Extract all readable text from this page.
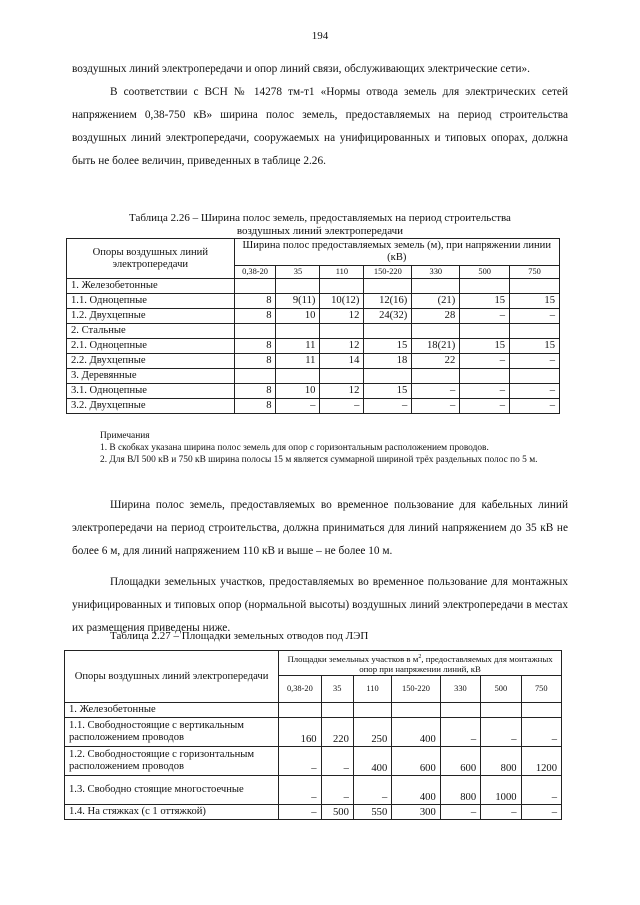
194

воздушных линий электропередачи и опор линий связи, обслуживающих электрические сети».

В соответствии с ВСН № 14278 тм-т1 «Нормы отвода земель для электрических сетей напряжением 0,38-750 кВ» ширина полос земель, предоставляемых на период строительства воздушных линий электропередачи, сооружаемых на унифицированных и типовых опорах, должна быть не более величин, приведенных в таблице 2.26.

Таблица 2.26 – Ширина полос земель, предоставляемых на период строительства
воздушных линий электропередачи
Опоры воздушных линий электропередачи	Ширина полос предоставляемых земель (м), при напряжении линии (кВ)						
	0,38-20	35	110	150-220	330	500	750
1. Железобетонные							
1.1. Одноцепные	8	9(11)	10(12)	12(16)	(21)	15	15
1.2. Двухцепные	8	10	12	24(32)	28	–	–
2. Стальные							
2.1. Одноцепные	8	11	12	15	18(21)	15	15
2.2. Двухцепные	8	11	14	18	22	–	–
3. Деревянные							
3.1. Одноцепные	8	10	12	15	–	–	–
3.2. Двухцепные	8	–	–	–	–	–	–

Примечания

1. В скобках указана ширина полос земель для опор с горизонтальным расположением проводов.

2. Для ВЛ 500 кВ и 750 кВ ширина полосы 15 м является суммарной шириной трёх раздельных полос по 5 м.

Ширина полос земель, предоставляемых во временное пользование для кабельных линий электропередачи на период строительства, должна приниматься для линий напряжением до 35 кВ не более 6 м, для линий напряжением 110 кВ и выше – не более 10 м.

Площадки земельных участков, предоставляемых во временное пользование для монтажных унифицированных и типовых опор (нормальной высоты) воздушных линий электропередачи в местах их размещения приведены ниже.

Таблица 2.27 – Площадки земельных отводов под ЛЭП
Опоры воздушных линий электропередачи	Площадки земельных участков в $м^2$, предоставляемых для монтажных опор при напряжении линий, кВ						
	0,38-20	35	110	150-220	330	500	750
1. Железобетонные							
1.1. Свободностоящие с вертикальным расположением проводов	160	220	250	400	–	–	–
1.2. Свободностоящие с горизонтальным расположением проводов	–	–	400	600	600	800	1200
1.3. Свободно стоящие многостоечные	–	–	–	400	800	1000	–
1.4. На стяжках (с 1 оттяжкой)	–	500	550	300	–	–	–
